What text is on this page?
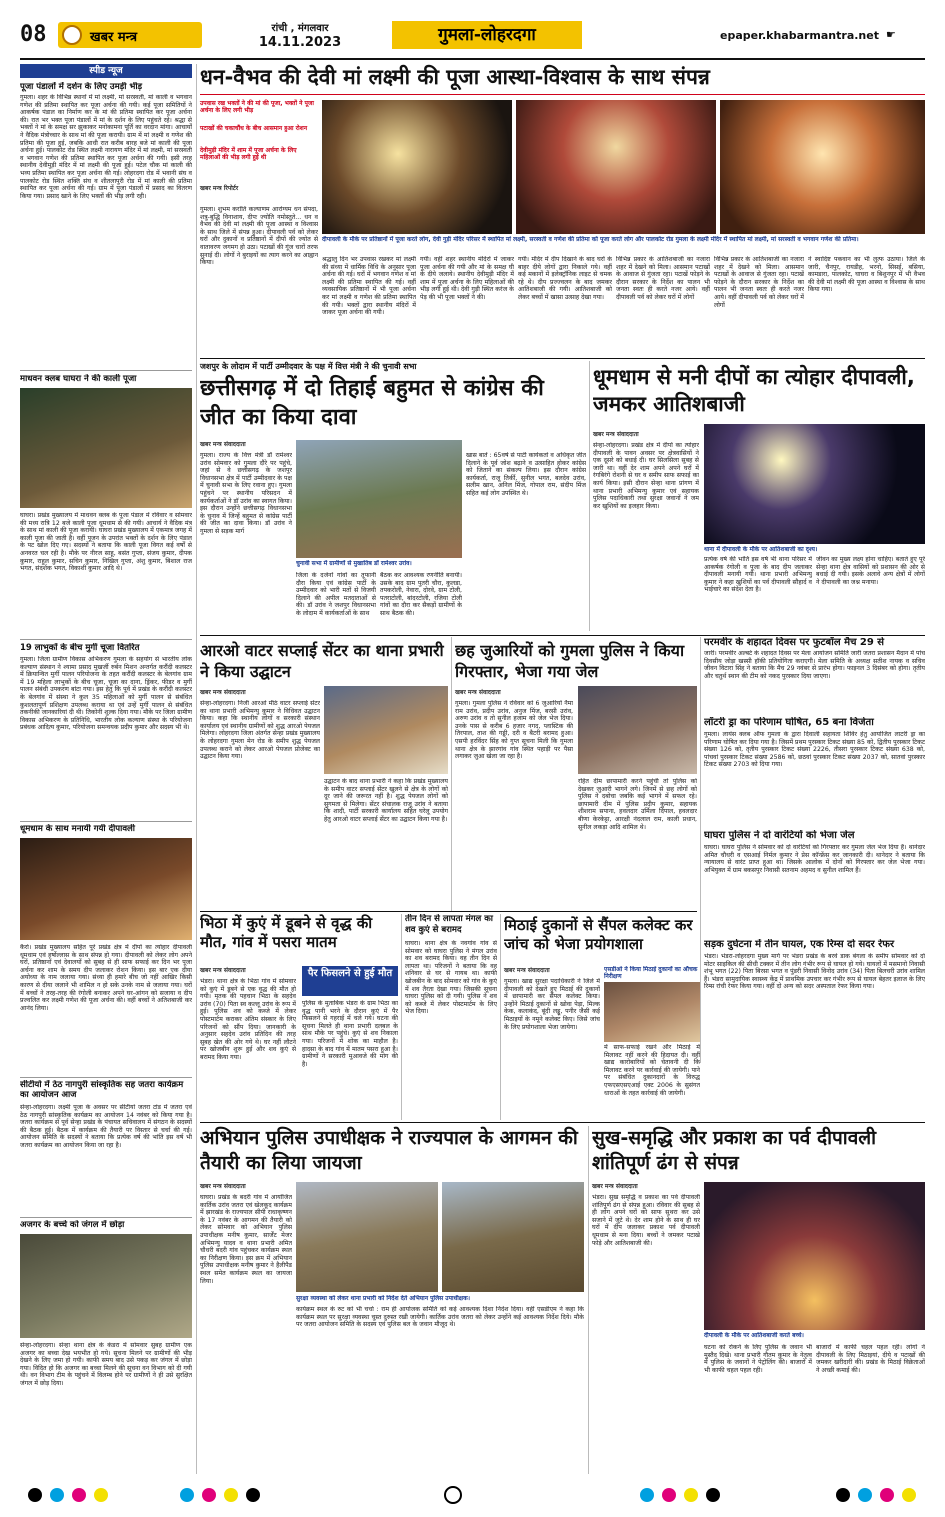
08	खबर मन्त्र
रांची , मंगलवार
14.11.2023	गुमला-लोहरदगा	epaper.khabarmantra.net ☛
स्पीड न्यूज
पूजा पंडालों में दर्शन के लिए उमड़ी भीड़
गुमला। शहर के विभिन्न स्थानों में मां लक्ष्मी, मां सरस्वती, मां काली व भगवान गणेश की प्रतिमा स्थापित कर पूजा अर्चना की गयी। कई पूजा समितियों ने आकर्षक पंडाल का निर्माण कर के मां की प्रतिमा स्थापित कर पूजा अर्चना की। रात भर भक्त पूजा पंडालों में मां के दर्शन के लिए पहुंचते रहे। श्रद्धा से भक्तों ने मां के समक्ष सर झुकाकर मनोकामना पूर्ति का वरदान मांगा। आचार्यों ने वैदिक मंत्रोच्चार के साथ मां की पूजा करायी। ग्राम में मां लक्ष्मी व गणेश की प्रतिमा की पूजा हुई, जबकि आधी रात करीब बारह बजे मां काली की पूजा अर्चना हुई। पालकोट रोड स्थित लक्ष्मी नारायण मंदिर में मां लक्ष्मी, मां सरस्वती व भगवान गणेश की प्रतिमा स्थापित कर पूजा अर्चना की गयी। इसी तरह स्थानीय देवीमुड़ी मंदिर में मां लक्ष्मी की पूजा हुई। पटेल चौक मां काली की भव्य प्रतिमा स्थापित कर पूजा अर्चना की गई। लोहरदगा रोड में भवानी संघ व पालकोट रोड स्थित शक्ति संघ व शीतलापुरी रोड में मां काली की प्रतिमा स्थापित कर पूजा अर्चना की गई। ग्राम में पूजा पंडालों में प्रसाद का वितरण किया गया। प्रसाद खाने के लिए भक्तों की भीड़ लगी रही।
माधवन क्लब घाघरा ने की काली पूजा
घाघरा। प्रखंड मुख्यालय में माधवन क्लब के पूजा पंडाल में रविवार व सोमवार की मध्य रात्रि 12 बजे काली पूजा धूमधाम से की गयी। आचार्य ने वैदिक मंत्र के साथ मां काली की पूजा करायी। घाघरा प्रखंड मुख्यालय में एकमात्र जगह में काली पूजा की जाती है। वहीं पूजन के उपरांत भक्तों के दर्शन के लिए पंडाल के पट खोल दिए गए। सदस्यों ने बताया कि काली पूजा विगत कई वर्षों से अनवरत चल रही है। मौके पर नीरज साहू, बसंत गुप्ता, संजय कुमार, दीपक कुमार, राहुल कुमार, सचिन कुमार, निखिल गुप्ता, अंशु कुमार, बिशाल राज भगत, संदर्शक भगत, विकाशी कुमार आदि थे।
19 लाभुकों के बीच मुर्गी चूजा वितरित
गुमला। जिला ग्रामीण विकास अभिकरण गुमला के सहयोग से भारतीय लोक कल्याण संस्थान ने श्यामा प्रसाद मुखर्जी रुर्बन मिशन अन्तर्गत करौंदी कलस्टर में क्रियान्वित मुर्गी पालन परियोजना के तहत करौंदी कलस्टर के बेलगांव ग्राम में 19 महिला लाभुकों के बीच चूजा, चूजा का दाना, ड्रिंकर, फीडर व मुर्गी पालन संबंधी उपकरण बांटा गया। इस हेतु कि पूर्व में प्रखंड के करौंदी कलस्टर के बेलगांव में संस्था ने कुल 35 महिलाओं को मुर्गी पालन से संबंधित कुशलतापूर्ण प्रशिक्षण उपलब्ध कराया था एवं उन्हें मुर्गी पालन से संबंधित तकनीकी जानकारियां दी थी। तिकोनी शुल्क दिया गया। मौके पर जिला ग्रामीण विकास अभिकरण के प्रतिनिधि, भारतीय लोक कल्याण संस्था के परियोजना प्रबंधक आदित्य कुमार, परियोजना समन्वयक प्रदीप कुमार और सदस्य भी थे।
धूमधाम के साथ मनायी गयी दीपावली
कैरो। प्रखंड मुख्यालय सहित पूरे प्रखंड क्षेत्र में दीपों का त्योहार दीपावली धूमधाम एवं हर्षोल्लास के साथ संपन्न हो गया। दीपावली को लेकर लोग अपने घरों, प्रतिष्ठानों एवं देवालयों को सुबह से ही साफ सफाई कर दिन भर पूजा अर्चना कर शाम के समय दीप जलाकर रोशन किया। इस बार एक दीया अयोध्या के नाम जलाया गया। संध्या ही हमारे बीच जो नहीं आखिर किसी कारण से दीया जलाने भी शामिल न हो सके उनके नाम से जलाया गया। घरों में बच्चों ने तरह-तरह की रंगोली बनाकर अपने घर-आंगन को सजाया व दीप प्रज्वलित कर लक्ष्मी गणेश की पूजा अर्चना की। वहीं बच्चों ने अतिशबाजी कर आनंद लिया।
सीटीयो में ठेठ नागपुरी सांस्कृतिक सह जतरा कार्यक्रम का आयोजन आज
सेन्हा-लोहरदगा। लक्ष्मी पूजा के अवसर पर सीटीयो जतरा टांड में जतरा एवं ठेठ नागपुरी सांस्कृतिक कार्यक्रम का आयोजन 14 नवंबर को किया गया है। जतरा कार्यक्रम से पूर्व सेन्हा प्रखंड के पंचायत सचिवालय में संगठन के सदस्यों की बैठक हुई। बैठक में कार्यक्रम की तैयारी पर विस्तार से चर्चा की गई। आयोजन समिति के सदस्यों ने बताया कि प्रत्येक वर्ष की भांति इस वर्ष भी जतरा कार्यक्रम का आयोजन किया जा रहा है।
अजगर के बच्चे को जंगल में छोड़ा
सेन्हा-लोहरदगा। सेन्हा थाना क्षेत्र के कंडरा में सोमवार सुबह ग्रामीण एक अजगर का बच्चा देख भयभीत हो गये। सूचना मिलने पर ग्रामीणों की भीड़ देखने के लिए जमा हो गयी। काफी समय बाद उसे पकड़ कर जंगल में छोड़ा गया। विदित हो कि अजगर का बच्चा मिलने की सूचना वन विभाग को दी गयी थी। वन विभाग टीम के पहुंचने में विलम्ब होने पर ग्रामीणों ने ही उसे सुरक्षित जंगल में छोड़ दिया।
धन-वैभव की देवी मां लक्ष्मी की पूजा आस्था-विश्वास के साथ संपन्न
उपवास रख भक्तों ने की मां की पूजा, भक्तों ने पूजा अर्चना के लिए लगी भीड़
पटाखों की चकाचौंध के बीच आसमान हुआ रोशन
देवीमुड़ी मंदिर में शाम में पूजा अर्चना के लिए महिलाओं की भीड़ लगी हुई थी
खबर मन्त्र रिपोर्टर
गुमला। शुभम करोति कल्याणम आरोग्यम धन संपदा, शत्रु-बुद्धि विनाशाय, दीपः ज्योति नमोस्तुते... धन व वैभव की देवी मां लक्ष्मी की पूजा आस्था व विश्वास के साथ जिले में संपन्न हुआ। दीपावली पर्व को लेकर घरों और दुकानों व प्रतिष्ठानों में दीपों की ज्योत से वातावरण जगमग हो उठा। पटाखों की गूंज चारों तरफ सुनाई दी। लोगों ने बुराइयों का त्याग करने का आह्वान किया।
दीपावली के मौके पर प्रतिष्ठानों में पूजा करते लोग, देवी गुड़ी मंदिर परिसर में स्थापित मां लक्ष्मी, सरस्वती व गणेश की प्रतिमा को पूजा करते लोग और पालकोट रोड गुमला के लक्ष्मी मंदिर में स्थापित मां लक्ष्मी, मां सरस्वती व भगवान गणेश की प्रतिमा।
श्रद्धालु दिन भर उपवास रखकर मां लक्ष्मी की संध्या में धार्मिक विधि के अनुसार पूजा अर्चना की गई। घरों में भगवान गणेश व मां लक्ष्मी की प्रतिमा स्थापित की गई। वहीं व्यवसायिक प्रतिष्ठानों में भी पूजा अर्चना कर मां लक्ष्मी व गणेश की प्रतिमा स्थापित की गयी। भक्तों द्वारा स्थानीय मंदिरों में जाकर पूजा अर्चना की गयी।
गयी। वहीं शहर स्थानीय मंदिरों में जाकर पूजा अर्चना की गयी और मां के समक्ष घी के दीये जलाये। स्थानीय देवीमुड़ी मंदिर में शाम में पूजा अर्चना के लिए महिलाओं की भीड़ लगी हुई थी। देवी गुड़ी स्थित करंज के पेड़ की भी पूजा भक्तों ने की।
गयी। मंदिर में दीप दिखाने के बाद घरों के बाहर दीये लोगों द्वारा निकाले गये। वहीं कई मकानों में इलेक्ट्रॉनिक लाइट से चमक रहे थे। दीप प्रज्ज्वलन के बाद जमकर आतिशबाजी की गयी। आतिशबाजी को लेकर बच्चों में खासा उत्साह देखा गया।
विभिन्न प्रकार के आतिशबाजी का नजारा शहर में देखने को मिला। आसमान पटाखों के आवाज से गुंजता रहा। पटाखें फोड़ने के दौरान सरकार के निर्देश का पालन भी जनता स्वतः ही करते नजर आये। वहीं दीपावली पर्व को लेकर घरों में लोगों
ने स्वादिष्ट पकवान का भी लुत्फ उठाया। जिले के जारी, चैनपुर, रायडीह, भरनो, सिसई, बसिया, कामडारा, पालकोट, घाघरा व बिशुनपुर में भी वैभव की देवी मां लक्ष्मी की पूजा आस्था व विश्वास के साथ किया गया।
विभिन्न प्रकार के आतिशबाजी का नजारा शहर में देखने को मिला। आसमान पटाखों के आवाज से गुंजता रहा। पटाखें फोड़ने के दौरान सरकार के निर्देश का पालन भी जनता स्वतः ही करते नजर आये। वहीं दीपावली पर्व को लेकर घरों में लोगों
जशपुर के लोदाम में पार्टी उम्मीदवार के पक्ष में वित्त मंत्री ने की चुनावी सभा
छत्तीसगढ़ में दो तिहाई बहुमत से कांग्रेस की जीत का किया दावा
खबर मन्त्र संवाददाता
गुमला। राज्य के वित्त मंत्री डॉ रामेश्वर उरांव सोमवार को गुमला दौरे पर पहुंचे, जहां से वे छत्तीसगढ़ के जशपुर विधानसभा क्षेत्र में पार्टी उम्मीदवार के पक्ष में चुनावी सभा के लिए रवाना हुए। गुमला पहुंचने पर स्थानीय परिसदन में कार्यकर्ताओं ने डॉ उरांव का स्वागत किया। इस दौरान उन्होंने छत्तीसगढ़ विधानसभा के चुनाव में जिन्हें बहुमत से कांग्रेस पार्टी की जीत का दावा किया। डॉ उरांव ने गुमला से सड़क मार्ग
चुनावी सभा में ग्रामीणों से मुखातिब डॉ रामेश्वर उरांव।
जिला के दर्जनों गांवों का तूफानी दौरा किया एवं कांग्रेस पार्टी के उम्मीदवार को भारी मतों से विजयी दिलाने की अपील मतदाताओं से की। डॉ उरांव ने जशपुर विधानसभा के लोदाम में कार्यकर्ताओं के साथ
बैठक कर आवश्यक रणनीति बनायी। उसके बाद ग्राम पुतरी चौरा, कुलडा, तपकरोली, नेवारा, दोरवे, ग्राम टोली, पतराटोली, बांदरटोली, रजिया टोली गांवों का दौरा कर सैकड़ों ग्रामीणों के साथ बैठक की।
खास बातें : 65वर्ष से पार्टी कार्यकर्ता व अधिकृत जीत दिलाने के पूर्व जोश बढ़ाने व उत्साहित होकर कांग्रेस को जिताने का संकल्प लिया। इस दौरान कांग्रेस कार्यकर्ता, राजू तिर्की, सुनील भगत, बलदेव उरांव, सलीम खान, अनिल मिंज, गोपाल राम, संदीप मिंज सहित कई लोग उपस्थित थे।
धूमधाम से मनी दीपों का त्योहार दीपावली, जमकर आतिशबाजी
खबर मन्त्र संवाददाता
सेन्हा-लोहरदगा। प्रखंड क्षेत्र में दीपों का त्योहार दीपावली के पावन अवसर पर क्षेत्रवासियों ने एक दूसरे को बधाई दी। घर सिलसिला सुबह से जारी था। वहीं देर शाम अपने अपने घरों में रंगबिरंगे रोशनी से घर व समीप साफ सफाई का कार्य किया। इसी दौरान सेन्हा थाना प्रांगण में थाना प्रभारी अभिमन्यु कुमार एवं सहायक पुलिस पदाधिकारी तथा सुरक्षा जवानों ने जम कर खुशियों का इजहार किया।
थाना में दीपावली के मौके पर आतिशबाजी का दृश्य।
प्रत्येक वर्ष की भांति इस वर्ष भी थाना परिसर में आकर्षक रंगोली व पूजा के बाद दीप जलाकर दीपावली मनायी गयी। थाना प्रभारी अभिमन्यु कुमार ने कहा खुशियों का पर्व दीपावली सौहार्द व भाईचारे का संदेश देता है।
जीवन का मुख्य लक्ष्य होना चाहिए। बताते हुए पूरे सेन्हा थाना क्षेत्र वासियों को प्रशासन की ओर से बधाई दी गयी। इसके अलावे अन्य क्षेत्रों में लोगों ने दीपावली का जश्न मनाया।
परमवीर के शहादत दिवस पर फुटबॉल मैच 29 से
जारी। परमवीर अल्बर्ट के शहादत दिवस पर मेला आयोजन समिति जारी जतरा प्रशासन मैदान में पांच दिवसीय जोड़ा खस्सी हॉकी प्रतियोगिता कराएगी। मेला समिति के अध्यक्ष सतीश नायक व सचिव जीवन विटारा सिंह ने बताया कि मैच 29 नवंबर से प्रारंभ होगा। फाइनल 3 दिसंबर को होगा। तृतीय और चतुर्थ स्थान की टीम को नकद पुरस्कार दिया जाएगा।
लॉटरी ड्रा का परिणाम घोषित, 65 बना विजेता
गुमला। लायंस क्लब ऑफ गुमला के द्वारा दिवाली सहायता शिविर हेतु आयोजित लाटरी ड्रा का परिणाम घोषित कर दिया गया है। जिसमें प्रथम पुरस्कार टिकट संख्या 85 को, द्वितीय पुरस्कार टिकट संख्या 126 को, तृतीय पुरस्कार टिकट संख्या 2226, तीसरा पुरस्कार टिकट संख्या 638 को, पांचवां पुरस्कार टिकट संख्या 2586 को, छठवां पुरस्कार टिकट संख्या 2037 को, सातवां पुरस्कार टिकट संख्या 2703 को दिया गया।
घाघरा पुलिस ने दो वारंटियों को भेजा जेल
घाघरा। घाघरा पुलिस ने सोमवार को दो वारंटियों को गिरफ्तार कर गुमला जेल भेज दिया है। थानेदार अमित चौधरी व एसआई निर्मल कुमार ने प्रेस कॉन्फ्रेंस कर जानकारी दी। थानेदार ने बताया कि न्यायालय से वारंट प्राप्त हुआ था। जिसके आलोक में दोनों को गिरफ्तार कर जेल भेजा गया। अभियुक्त में ग्राम बकसपुर निवासी सतनाम अहमद व सुनील शामिल हैं।
सड़क दुर्घटना में तीन घायल, एक रिम्स दो सदर रेफर
भंडरा। भंडरा-लोहरदगा मुख्य मार्ग पर भंडरा प्रखंड के बरवे डाक बंगला के समीप सोमवार को दो मोटर साइकिल की सीधी टक्कर में तीन लोग गंभीर रूप से घायल हो गये। घायलों में मसमानो निवासी शंभू भगत (22) पिता बिरसा भगत व पुंडरी निवासी विनोद उरांव (34) पिता बिलचरी उरांव शामिल हैं। भंडरा सामुदायिक स्वास्थ्य केंद्र में प्राथमिक उपचार कर गंभीर रूप से घायल बेहतर इलाज के लिए रिम्स रांची रेफर किया गया। वहीं दो अन्य को सदर अस्पताल रेफर किया गया।
आरओ वाटर सप्लाई सेंटर का थाना प्रभारी ने किया उद्घाटन
खबर मन्त्र संवाददाता
सेन्हा-लोहरदगा। निजी आरओ मीठे वाटर सप्लाई सेंटर का थाना प्रभारी अभिमन्यु कुमार ने विधिवत उद्घाटन किया। कहा कि स्थानीय लोगों व सरकारी संस्थान कार्यालय एवं स्थानीय ग्रामीणों को शुद्ध आरओ पेयजल मिलेगा। लोहरदगा जिला अंतर्गत सेन्हा प्रखंड मुख्यालय के लोहरदगा गुमला मेन रोड के समीप शुद्ध पेयजल उपलब्ध कराने को लेकर आरओ पेयजल प्रोजेक्ट का उद्घाटन किया गया।
उद्घाटन के बाद थाना प्रभारी ने कहा कि प्रखंड मुख्यालय के समीप वाटर सप्लाई सेंटर खुलने से क्षेत्र के लोगों को दूर जाने की जरूरत नहीं है। शुद्ध पेयजल लोगों को सुगमता से मिलेगा। सेंटर संचालक राजू उरांव ने बताया कि शादी, पार्टी सरकारी कार्यालय सहित घरेलू उपयोग हेतु आरओ वाटर सप्लाई सेंटर का उद्घाटन किया गया है।
छह जुआरियों को गुमला पुलिस ने किया गिरफ्तार, भेजा गया जेल
खबर मन्त्र संवाददाता
गुमला। गुमला पुलिस ने रविवार को 6 जुआरियों नैमा राम उरांव, प्रदीप उरांव, अनुज मिंज, बरसी उरांव, अरुण उरांव व तो सुनील हजाम को जेल भेज दिया। उनके पास से करीब 6 हजार नगद, प्लास्टिक की तिरपाल, ताश की गड्डी, दरी व बैटरी बरामद हुआ। एसपी हरविंदर सिंह को गुप्त सूचना मिली कि गुमला थाना क्षेत्र के झारगांव गांव स्थित पहाड़ी पर पैसा लगाकर जुआ खेला जा रहा है।
रहित दीम छापामारी करने पहुंची तो पुलिस को देखकर जुआरी भागने लगे। जिनमें से छह लोगों को पुलिस ने दबोचा जबकि कई भागने में सफल रहे। छापामारी दीम में पुलिस प्रदीप कुमार, सहायक शीशराम सपाना, हवलदार उर्मिला दिंपाल, हवलदार बीणा केरकेट्टा, आरक्षी नंदलाल राम, काली प्रधान, सुनील लकड़ा आदि शामिल थे।
भिठा में कुएं में डूबने से वृद्ध की मौत, गांव में पसरा मातम
खबर मन्त्र संवाददाता
भंडरा। थाना क्षेत्र के भिठा गांव में सोमवार को कुएं में डूबने से एक वृद्ध की मौत हो गयी। मृतक की पहचान भिठा के सहदेव उरांव (70) पिता स्व कल्लू उरांव के रूप में हुई। पुलिस शव को कब्जे में लेकर पोस्टमार्टम कराकर अंतिम संस्कार के लिए परिजनों को सौंप दिया। जानकारी के अनुसार सहदेव उरांव प्रतिदिन की तरह सुबह खेत की ओर गये थे। घर नहीं लौटने पर खोजबीन शुरू हुई और शव कुएं से बरामद किया गया।
पैर फिसलने से हुई मौत
पुलिस के मुताबिक भंडरा के ग्राम भिठा का वृद्ध पानी भरने के दौरान कुएं में पैर फिसलने से गहराई में चले गये। घटना की सूचना मिलते ही थाना प्रभारी दलबल के साथ मौके पर पहुंचे। कुएं से शव निकाला गया। परिजनों में शोक का माहौल है। हादसा के बाद गांव में मातम पसरा हुआ है। ग्रामीणों ने सरकारी मुआवजे की मांग की है।
तीन दिन से लापता मंगल का शव कुएं से बरामद
घाघरा। थाना क्षेत्र के नवगांव गांव से सोमवार को घाघरा पुलिस ने मंगल उरांव का शव बरामद किया। वह तीन दिन से लापता था। परिजनों ने बताया कि वह शनिवार से घर से गायब था। काफी खोजबीन के बाद सोमवार को गांव के कुएं में शव तैरता देखा गया। जिसकी सूचना घाघरा पुलिस को दी गयी। पुलिस ने शव को कब्जे में लेकर पोस्टमार्टम के लिए भेज दिया।
मिठाई दुकानों से सैंपल कलेक्ट कर जांच को भेजा प्रयोगशाला
खबर मन्त्र संवाददाता
गुमला। खाद्य सुरक्षा पदाधिकारी ने जिले में दीपावली को देखते हुए मिठाई की दुकानों में छापामारी कर सैंपल कलेक्ट किया। उन्होंने मिठाई दुकानों से खोवा पेड़ा, मिल्क केक, कलाकंद, बूंदी लड्डू, पनीर जैसी कई मिठाइयों के नमूने कलेक्ट किए। जिसे जांच के लिए प्रयोगशाला भेजा जायेगा।
एसडीओ ने किया मिठाई दुकानों का औचक निरीक्षण
में साफ-सफाई रखने और मिठाई में मिलावट नहीं करने की हिदायत दी। वहीं खाद्य कारोबारियों को चेतावनी दी कि मिलावट करने पर कार्रवाई की जायेगी। पाने पर संबंधित दुकानदारों के विरुद्ध एफएसएसएआई एक्ट 2006 के सुसंगत धाराओं के तहत कार्रवाई की जायेगी।
अभियान पुलिस उपाधीक्षक ने राज्यपाल के आगमन की तैयारी का लिया जायजा
खबर मन्त्र संवाददाता
घाघरा। प्रखंड के बदरी गांव में आयोजित कार्तिक उरांव जतरा एवं खेलकूद कार्यक्रम में झारखंड के राज्यपाल सीपी राधाकृष्णन के 17 नवंबर के आगमन की तैयारी को लेकर सोमवार को अभियान पुलिस उपाधीक्षक मनीष कुमार, सार्जेंट मेजर अभिमन्यु यादव व थाना प्रभारी अमित चौधरी बदरी गांव पहुंचकर कार्यक्रम स्थल का निरीक्षण किया। इस क्रम में अभियान पुलिस उपाधीक्षक मनीष कुमार ने हैलीपैड स्थल समेत कार्यक्रम स्थल का जायजा लिया।
सुरक्षा व्यवस्था को लेकर थाना प्रभारी को निर्देश देते अभियान पुलिस उपाधीक्षक।
कार्यक्रम स्थल के रुट को भी चर्चा : राम ही आयोजक समिति को कई आवश्यक दिशा निर्देश दिया। वहीं एसडीएम ने कहा कि कार्यक्रम स्थल पर सुरक्षा व्यवस्था चुस्त दुरुस्त रखी जायेगी। कार्तिक उरांव जतरा को लेकर उन्होंने कई आवश्यक निर्देश दिये। मौके पर जतरा आयोजन समिति के सदस्य एवं पुलिस बल के जवान मौजूद थे।
सुख-समृद्धि और प्रकाश का पर्व दीपावली शांतिपूर्ण ढंग से संपन्न
खबर मन्त्र संवाददाता
भंडरा। सुख समृद्धि व प्रकाश का पर्व दीपावली शांतिपूर्ण ढंग से संपन्न हुआ। रविवार की सुबह से ही लोग अपने घरों को साफ सुथरा कर उसे सजाने में जुटे थे। देर शाम होने के साथ ही घर घरों में दीप जलाकर प्रकाश पर्व दीपावली धूमधाम से मना दिया। बच्चों ने जमकर पटाखे फोड़े और आतिशबाजी की।
दीपावली के मौके पर आतिशबाजी करते बच्चे।
घटना को रोकने के लिए पुलिस के जवान भी मुस्तैद दिखे। थाना प्रभारी गौतम कुमार के नेतृत्व में पुलिस के जवानों ने पेट्रोलिंग की। बाजारों में भी काफी चहल पहल रही।
बाजारों में काफी चहल पहल रही। लोगों ने दीपावली के लिए मिठाइयां, दीये व पटाखों की जमकर खरीदारी की। प्रखंड के मिठाई विक्रेताओं ने अच्छी कमाई की।
